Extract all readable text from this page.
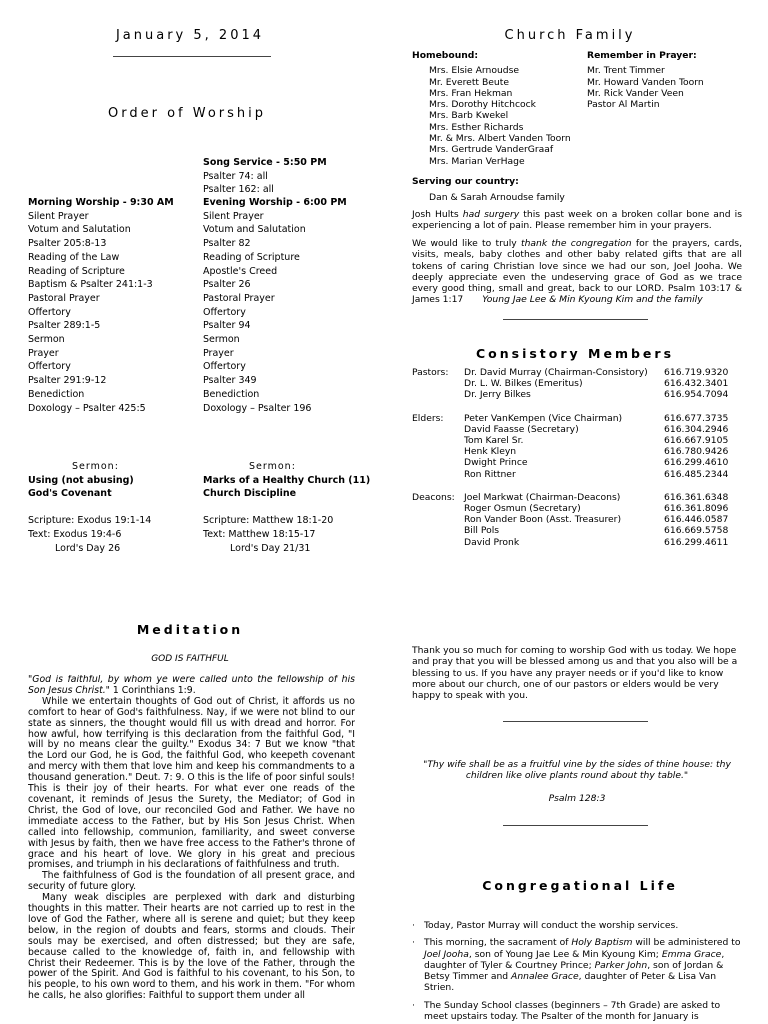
January 5, 2014
Order of Worship
Song Service - 5:50 PM
Psalter 74: all
Psalter 162: all
Morning Worship - 9:30 AM
Silent Prayer
Votum and Salutation
Psalter 205:8-13
Reading of the Law
Reading of Scripture
Baptism & Psalter 241:1-3
Pastoral Prayer
Offertory
Psalter 289:1-5
Sermon
Prayer
Offertory
Psalter 291:9-12
Benediction
Doxology – Psalter 425:5
Evening Worship - 6:00 PM
Silent Prayer
Votum and Salutation
Psalter 82
Reading of Scripture
Apostle's Creed
Psalter 26
Pastoral Prayer
Offertory
Psalter 94
Sermon
Prayer
Offertory
Psalter 349
Benediction
Doxology – Psalter 196
Sermon:
Using (not abusing)
God's Covenant
Scripture: Exodus 19:1-14
Text: Exodus 19:4-6
Lord's Day 26
Sermon:
Marks of a Healthy Church (11)
Church Discipline
Scripture: Matthew 18:1-20
Text: Matthew 18:15-17
Lord's Day 21/31
Meditation
GOD IS FAITHFUL
"God is faithful, by whom ye were called unto the fellowship of his Son Jesus Christ." 1 Corinthians 1:9.
While we entertain thoughts of God out of Christ, it affords us no comfort to hear of God's faithfulness. Nay, if we were not blind to our state as sinners, the thought would fill us with dread and horror. For how awful, how terrifying is this declaration from the faithful God, "I will by no means clear the guilty." Exodus 34: 7 But we know "that the Lord our God, he is God, the faithful God, who keepeth covenant and mercy with them that love him and keep his commandments to a thousand generation." Deut. 7: 9. O this is the life of poor sinful souls! This is their joy of their hearts. For what ever one reads of the covenant, it reminds of Jesus the Surety, the Mediator; of God in Christ, the God of love, our reconciled God and Father. We have no immediate access to the Father, but by His Son Jesus Christ. When called into fellowship, communion, familiarity, and sweet converse with Jesus by faith, then we have free access to the Father's throne of grace and his heart of love. We glory in his great and precious promises, and triumph in his declarations of faithfulness and truth.
The faithfulness of God is the foundation of all present grace, and security of future glory.
Many weak disciples are perplexed with dark and disturbing thoughts in this matter. Their hearts are not carried up to rest in the love of God the Father, where all is serene and quiet; but they keep below, in the region of doubts and fears, storms and clouds. Their souls may be exercised, and often distressed; but they are safe, because called to the knowledge of, faith in, and fellowship with Christ their Redeemer. This is by the love of the Father, through the power of the Spirit. And God is faithful to his covenant, to his Son, to his people, to his own word to them, and his work in them. "For whom he calls, he also glorifies: Faithful to support them under all
Church Family
Homebound:
Mrs. Elsie Arnoudse
Mr. Everett Beute
Mrs. Fran Hekman
Mrs. Dorothy Hitchcock
Mrs. Barb Kwekel
Mrs. Esther Richards
Mr. & Mrs. Albert Vanden Toorn
Mrs. Gertrude VanderGraaf
Mrs. Marian VerHage
Remember in Prayer:
Mr. Trent Timmer
Mr. Howard Vanden Toorn
Mr. Rick Vander Veen
Pastor Al Martin
Serving our country:
Dan & Sarah Arnoudse family
Josh Hults had surgery this past week on a broken collar bone and is experiencing a lot of pain. Please remember him in your prayers.
We would like to truly thank the congregation for the prayers, cards, visits, meals, baby clothes and other baby related gifts that are all tokens of caring Christian love since we had our son, Joel Jooha. We deeply appreciate even the undeserving grace of God as we trace every good thing, small and great, back to our LORD. Psalm 103:17 & James 1:17 Young Jae Lee & Min Kyoung Kim and the family
Consistory Members
Pastors:	Dr. David Murray (Chairman-Consistory)	616.719.9320
Dr. L. W. Bilkes (Emeritus)	616.432.3401
Dr. Jerry Bilkes	616.954.7094
Elders:	Peter VanKempen (Vice Chairman)	616.677.3735
David Faasse (Secretary)	616.304.2946
Tom Karel Sr.	616.667.9105
Henk Kleyn	616.780.9426
Dwight Prince	616.299.4610
Ron Rittner	616.485.2344
Deacons:	Joel Markwat (Chairman-Deacons)	616.361.6348
Roger Osmun (Secretary)	616.361.8096
Ron Vander Boon (Asst. Treasurer)	616.446.0587
Bill Pols	616.669.5758
David Pronk	616.299.4611
Thank you so much for coming to worship God with us today. We hope and pray that you will be blessed among us and that you also will be a blessing to us. If you have any prayer needs or if you'd like to know more about our church, one of our pastors or elders would be very happy to speak with you.
"Thy wife shall be as a fruitful vine by the sides of thine house: thy children like olive plants round about thy table."
Psalm 128:3
Congregational Life
· Today, Pastor Murray will conduct the worship services.
· This morning, the sacrament of Holy Baptism will be administered to Joel Jooha, son of Young Jae Lee & Min Kyoung Kim; Emma Grace, daughter of Tyler & Courtney Prince; Parker John, son of Jordan & Betsy Timmer and Annalee Grace, daughter of Peter & Lisa Van Strien.
· The Sunday School classes (beginners – 7th Grade) are asked to meet upstairs today. The Psalter of the month for January is
